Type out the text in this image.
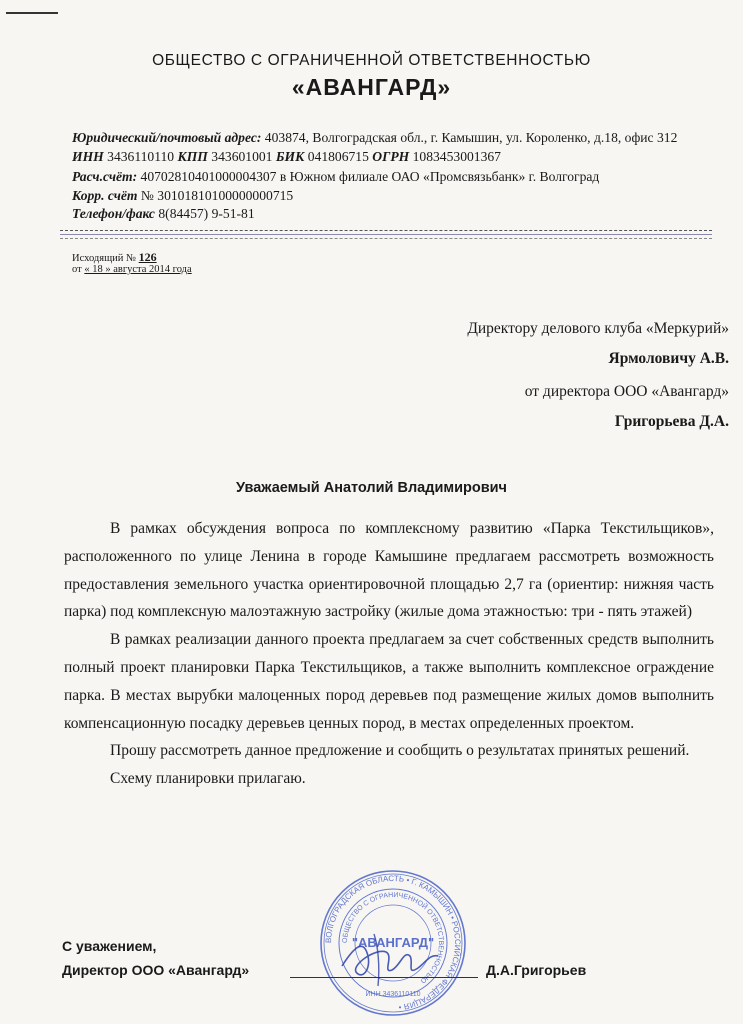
ОБЩЕСТВО С ОГРАНИЧЕННОЙ ОТВЕТСТВЕННОСТЬЮ
«АВАНГАРД»
Юридический/почтовый адрес: 403874, Волгоградская обл., г. Камышин, ул. Короленко, д.18, офис 312
ИНН 3436110110 КПП 343601001 БИК 041806715 ОГРН 1083453001367
Расч.счёт: 40702810401000004307 в Южном филиале ОАО «Промсвязьбанк» г. Волгоград
Корр. счёт № 30101810100000000715
Телефон/факс 8(84457) 9-51-81
Исходящий № 126
от « 18 » августа 2014 года
Директору делового клуба «Меркурий»
Ярмоловичу А.В.
от директора ООО «Авангард»
Григорьева Д.А.
Уважаемый Анатолий Владимирович

В рамках обсуждения вопроса по комплексному развитию «Парка Текстильщиков», расположенного по улице Ленина в городе Камышине предлагаем рассмотреть возможность предоставления земельного участка ориентировочной площадью 2,7 га (ориентир: нижняя часть парка) под комплексную малоэтажную застройку (жилые дома этажностью: три - пять этажей)

В рамках реализации данного проекта предлагаем за счет собственных средств выполнить полный проект планировки Парка Текстильщиков, а также выполнить комплексное ограждение парка. В местах вырубки малоценных пород деревьев под размещение жилых домов выполнить компенсационную посадку деревьев ценных пород, в местах определенных проектом.

Прошу рассмотреть данное предложение и сообщить о результатах принятых решений.

Схему планировки прилагаю.

ВОЛГОГРАДСКАЯ ОБЛАСТЬ • Г. КАМЫШИН • РОССИЙСКАЯ ФЕДЕРАЦИЯ •
ОБЩЕСТВО С ОГРАНИЧЕННОЙ ОТВЕТСТВЕННОСТЬЮ
"АВАНГАРД"
ИНН 3436110110
С уважением,
Директор ООО «Авангард»	Д.А.Григорьев
